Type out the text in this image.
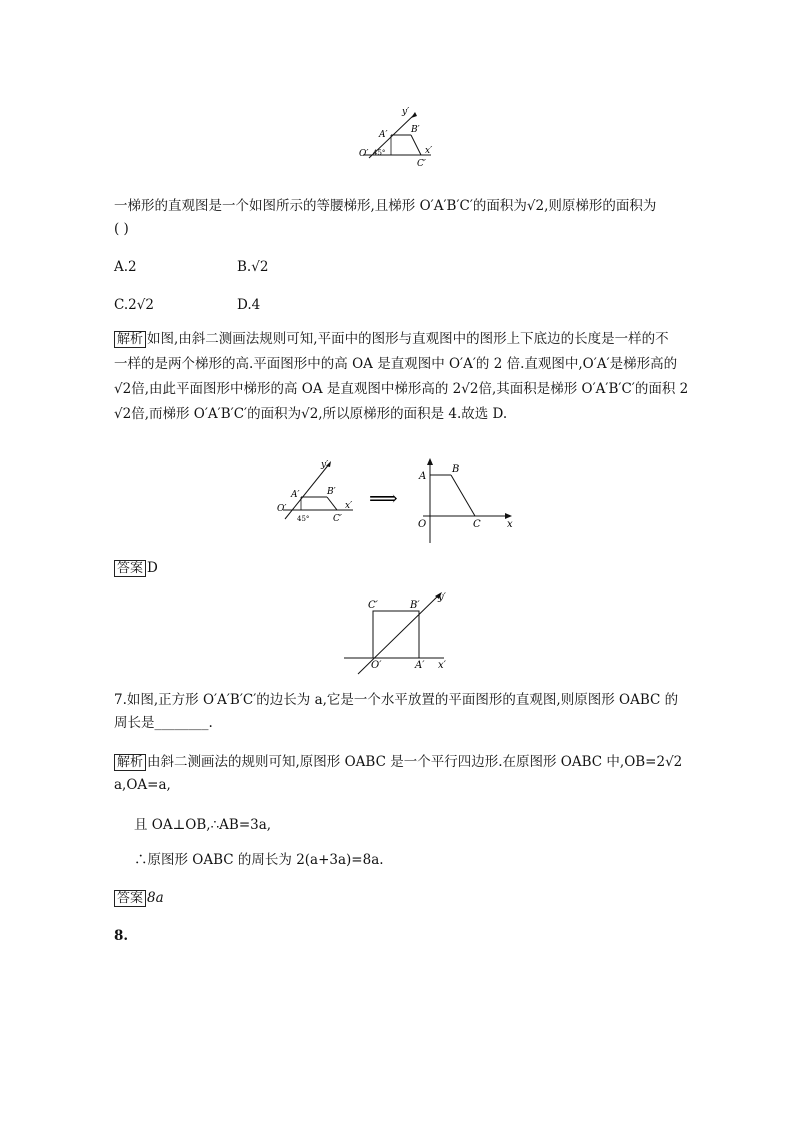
y′
A′	B′
O′ 45°	x′
C′
一梯形的直观图是一个如图所示的等腰梯形,且梯形 O′A′B′C′的面积为√2,则原梯形的面积为
( )
A.2	B.√2
C.2√2	D.4
解析 如图,由斜二测画法规则可知,平面中的图形与直观图中的图形上下底边的长度是一样的不
一样的是两个梯形的高.平面图形中的高 OA 是直观图中 O′A′的 2 倍.直观图中,O′A′是梯形高的
√2倍,由此平面图形中梯形的高 OA 是直观图中梯形高的 2√2倍,其面积是梯形 O′A′B′C′的面积 2
√2倍,而梯形 O′A′B′C′的面积为√2,所以原梯形的面积是 4.故选 D.
y′
A′	B′
O′
45°
x′
C′
⟹
A
B
O	C	x
答案 D
C′	B′
y′
O′	A′ x′
7.如图,正方形 O′A′B′C′的边长为 a,它是一个水平放置的平面图形的直观图,则原图形 OABC 的
周长是________.
解析 由斜二测画法的规则可知,原图形 OABC 是一个平行四边形.在原图形 OABC 中,OB=2√2
a,OA=a,
且 OA⊥OB,∴AB=3a,
∴原图形 OABC 的周长为 2(a+3a)=8a.
答案 8a
8.
